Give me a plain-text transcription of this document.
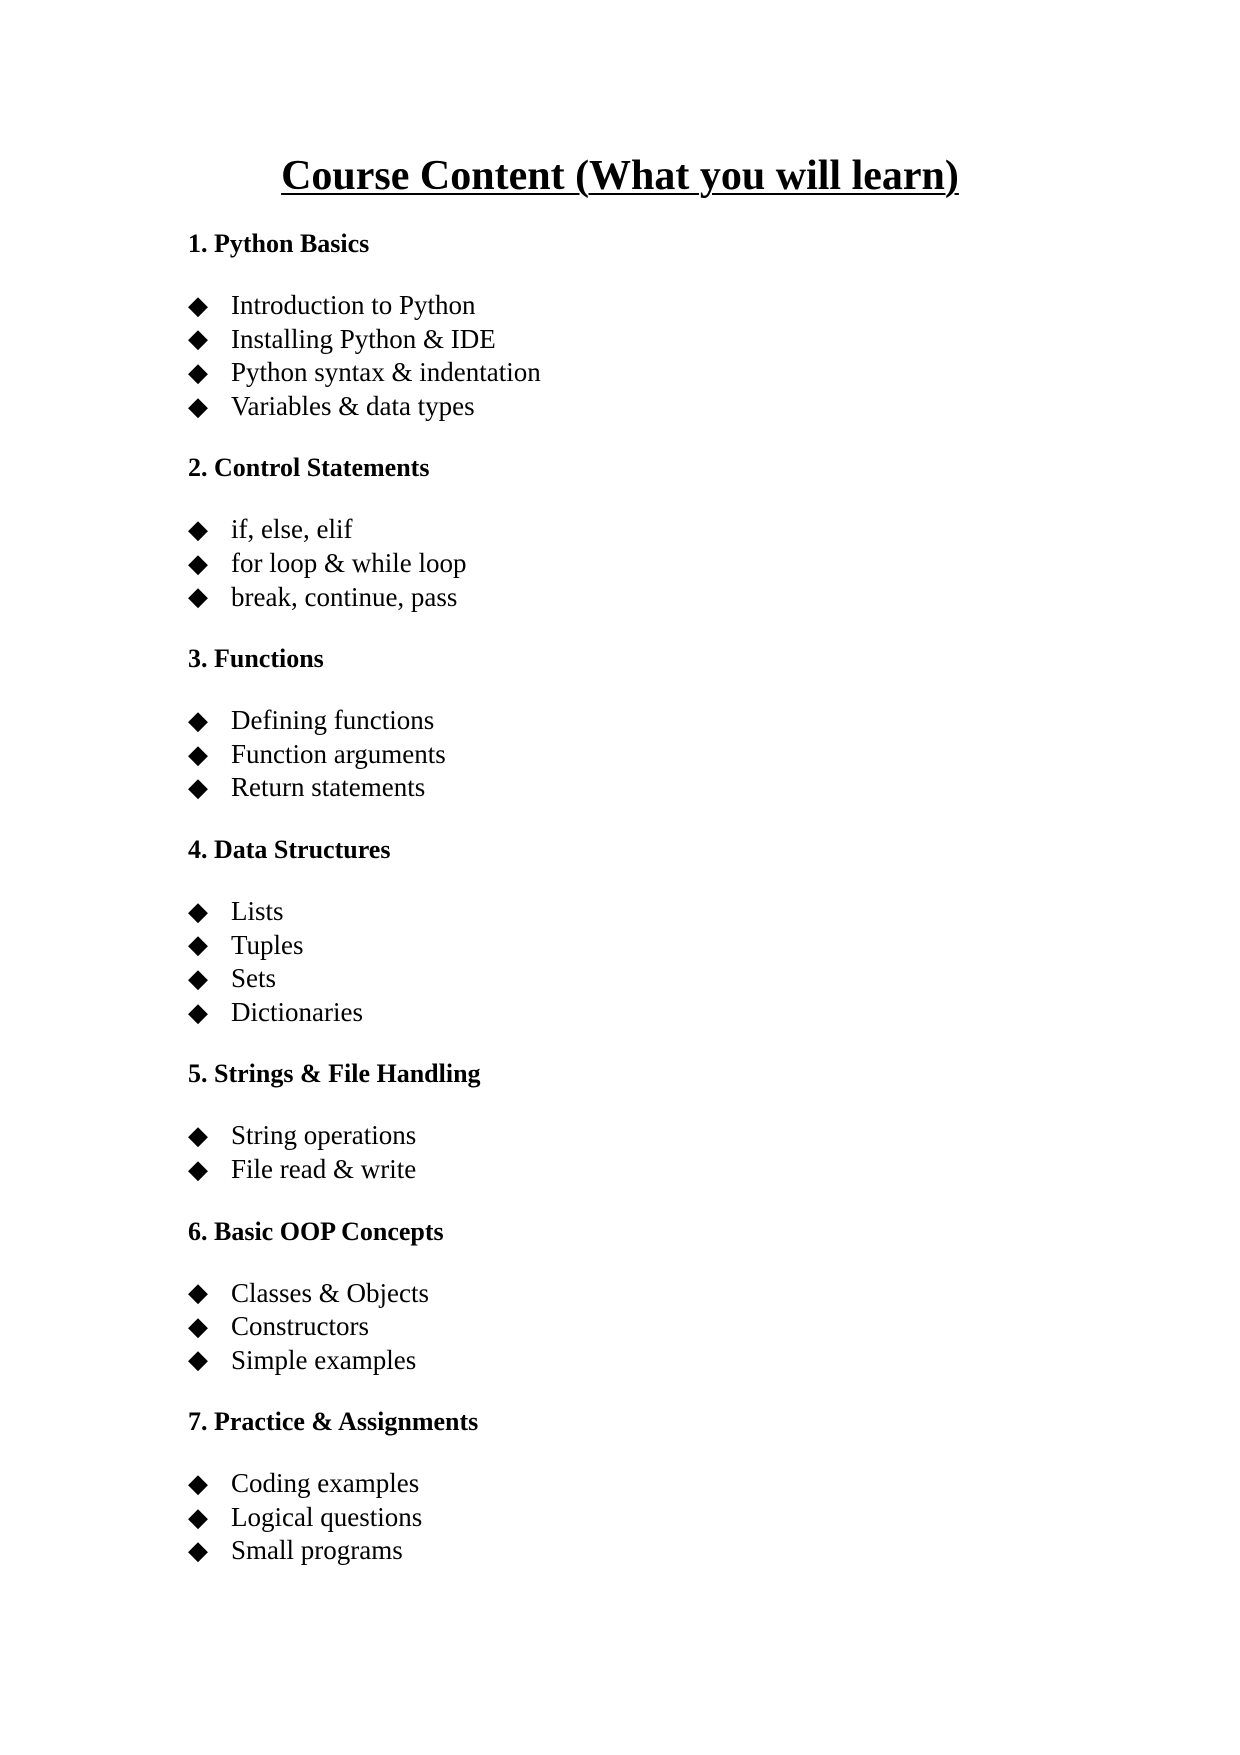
Course Content (What you will learn)
1. Python Basics
◆ Introduction to Python
◆ Installing Python & IDE
◆ Python syntax & indentation
◆ Variables & data types
2. Control Statements
◆ if, else, elif
◆ for loop & while loop
◆ break, continue, pass
3. Functions
◆ Defining functions
◆ Function arguments
◆ Return statements
4. Data Structures
◆ Lists
◆ Tuples
◆ Sets
◆ Dictionaries
5. Strings & File Handling
◆ String operations
◆ File read & write
6. Basic OOP Concepts
◆ Classes & Objects
◆ Constructors
◆ Simple examples
7. Practice & Assignments
◆ Coding examples
◆ Logical questions
◆ Small programs
